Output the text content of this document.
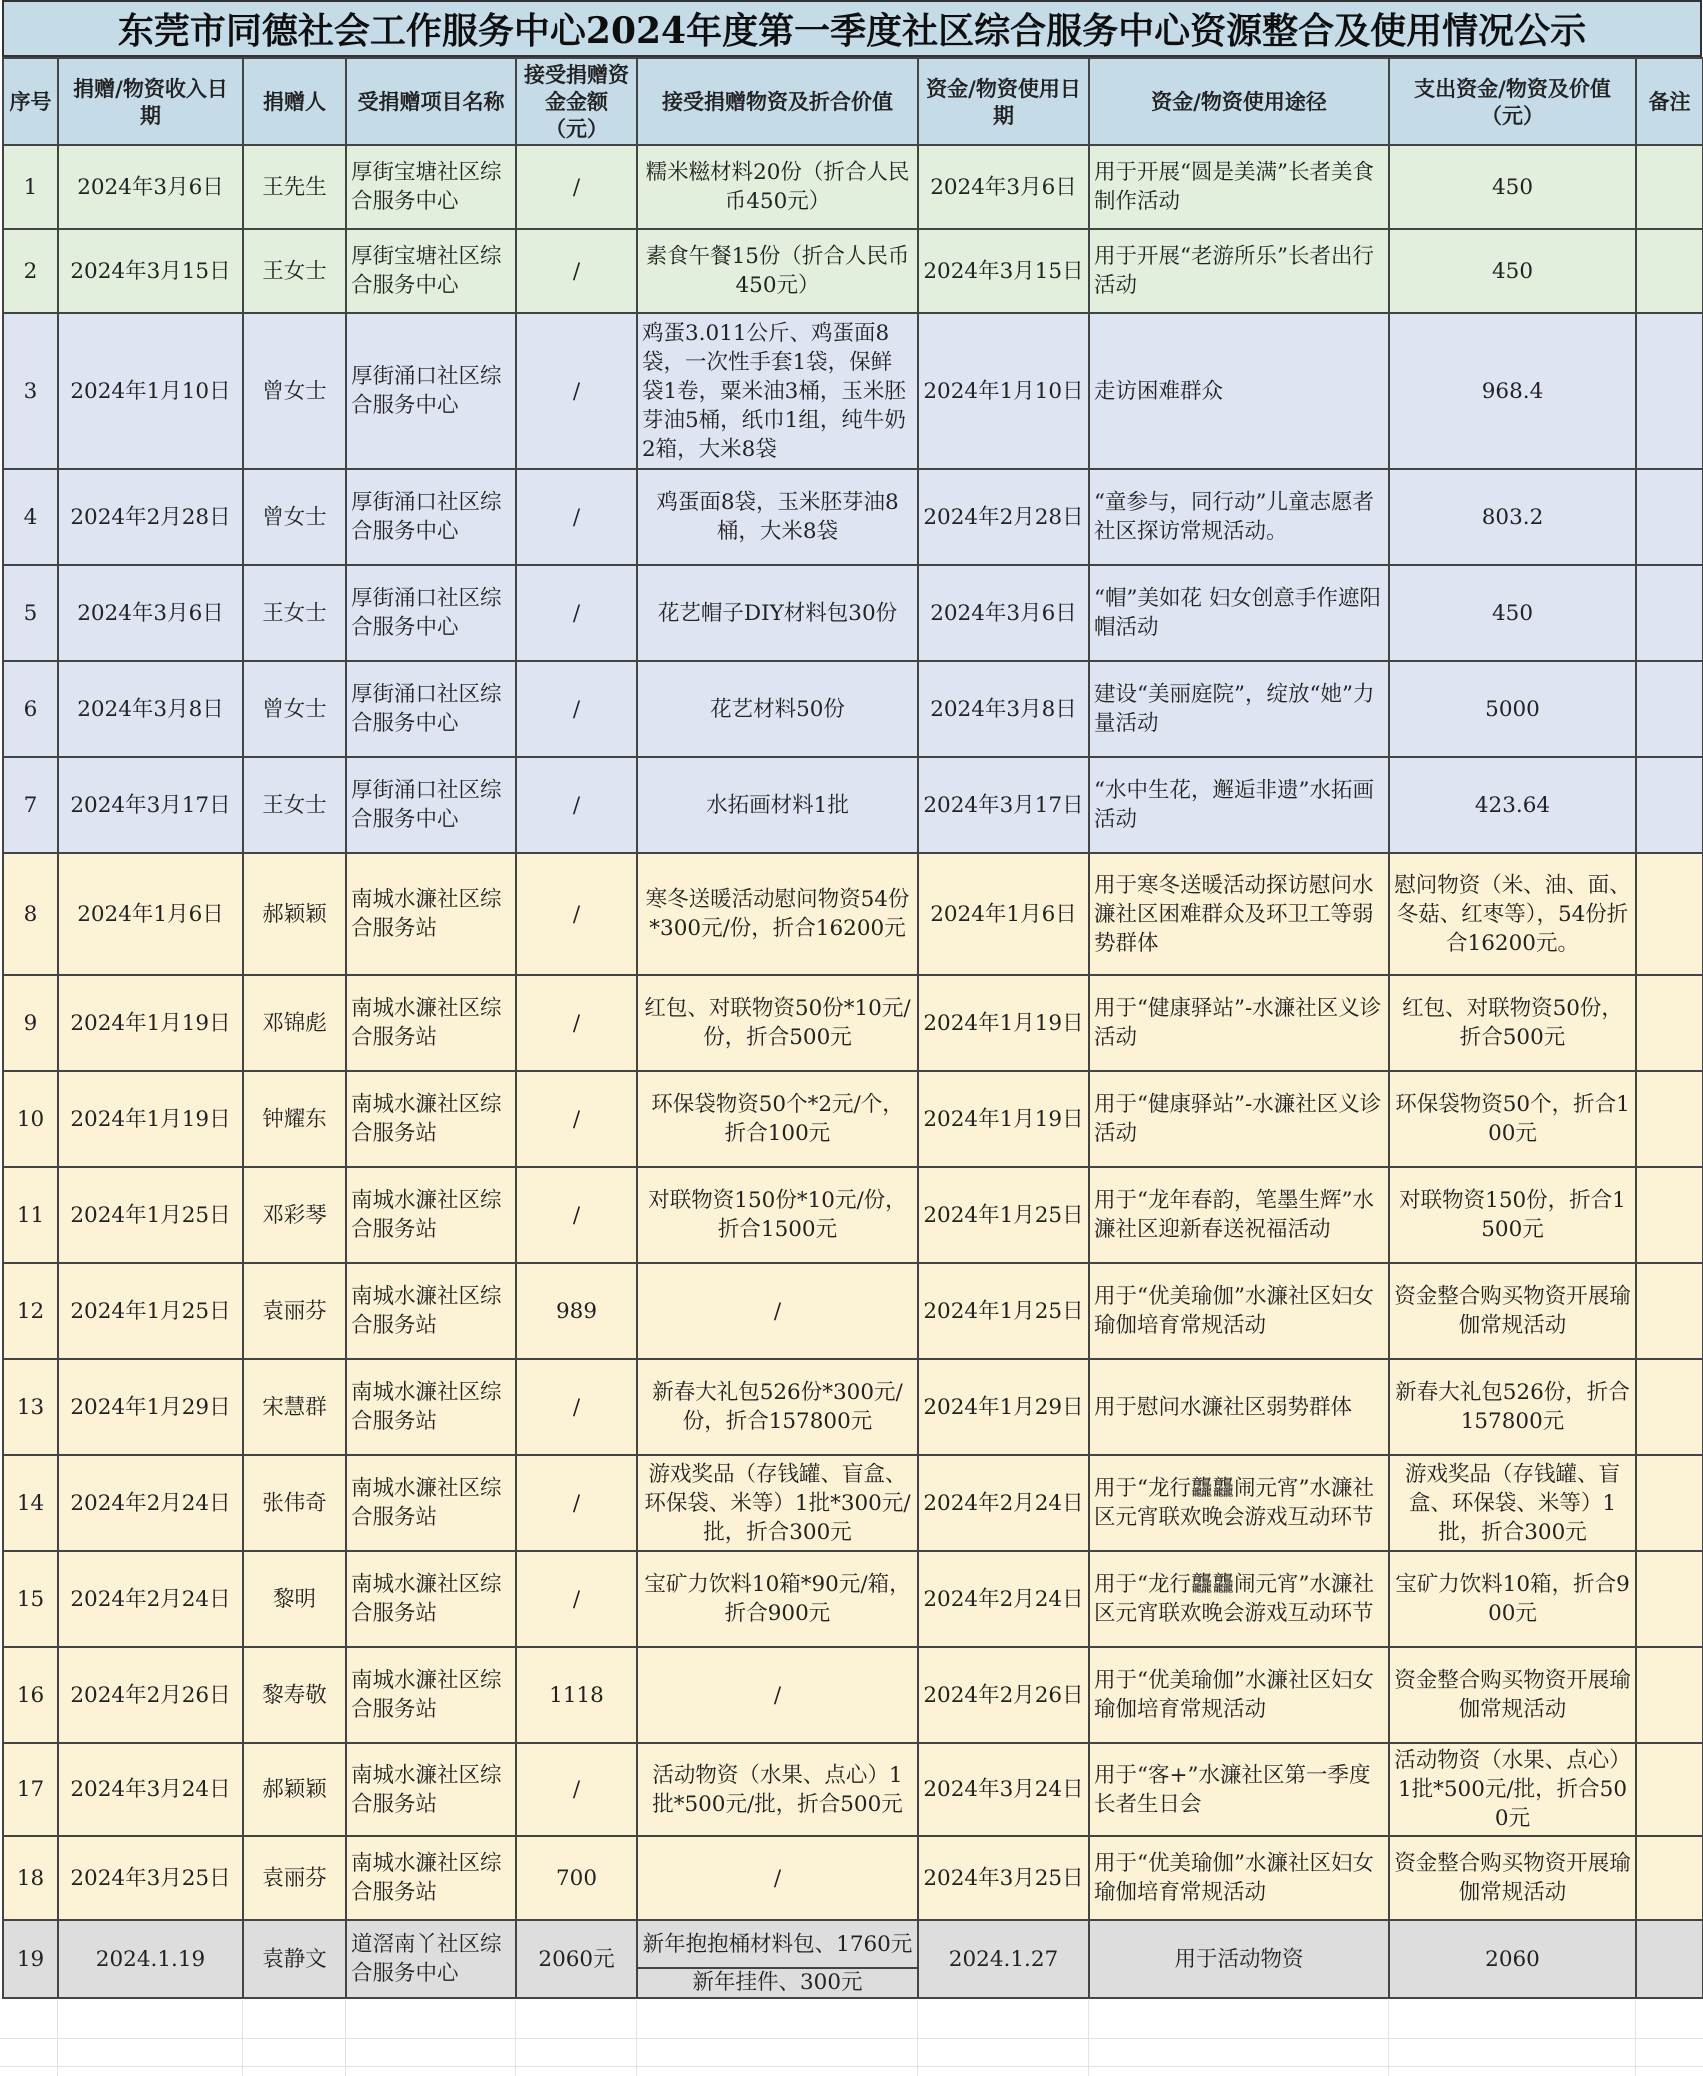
东莞市同德社会工作服务中心2024年度第一季度社区综合服务中心资源整合及使用情况公示
序号	捐赠/物资收入日期	捐赠人	受捐赠项目名称	接受捐赠资金金额（元）	接受捐赠物资及折合价值	资金/物资使用日期	资金/物资使用途径	支出资金/物资及价值（元）	备注
1	2024年3月6日	王先生	厚街宝塘社区综合服务中心	/	糯米糍材料20份（折合人民币450元）	2024年3月6日	用于开展“圆是美满”长者美食制作活动	450	
2	2024年3月15日	王女士	厚街宝塘社区综合服务中心	/	素食午餐15份（折合人民币450元）	2024年3月15日	用于开展“老游所乐”长者出行活动	450	
3	2024年1月10日	曾女士	厚街涌口社区综合服务中心	/	鸡蛋3.011公斤、鸡蛋面8袋，一次性手套1袋，保鲜袋1卷，粟米油3桶，玉米胚芽油5桶，纸巾1组，纯牛奶2箱，大米8袋	2024年1月10日	走访困难群众	968.4	
4	2024年2月28日	曾女士	厚街涌口社区综合服务中心	/	鸡蛋面8袋，玉米胚芽油8桶，大米8袋	2024年2月28日	“童参与，同行动”儿童志愿者社区探访常规活动。	803.2	
5	2024年3月6日	王女士	厚街涌口社区综合服务中心	/	花艺帽子DIY材料包30份	2024年3月6日	“帽”美如花 妇女创意手作遮阳帽活动	450	
6	2024年3月8日	曾女士	厚街涌口社区综合服务中心	/	花艺材料50份	2024年3月8日	建设“美丽庭院”，绽放“她”力量活动	5000	
7	2024年3月17日	王女士	厚街涌口社区综合服务中心	/	水拓画材料1批	2024年3月17日	“水中生花，邂逅非遗”水拓画活动	423.64	
8	2024年1月6日	郝颖颖	南城水濂社区综合服务站	/	寒冬送暖活动慰问物资54份*300元/份，折合16200元	2024年1月6日	用于寒冬送暖活动探访慰问水濂社区困难群众及环卫工等弱势群体	慰问物资（米、油、面、冬菇、红枣等），54份折合16200元。	
9	2024年1月19日	邓锦彪	南城水濂社区综合服务站	/	红包、对联物资50份*10元/份，折合500元	2024年1月19日	用于“健康驿站”-水濂社区义诊活动	红包、对联物资50份，折合500元	
10	2024年1月19日	钟耀东	南城水濂社区综合服务站	/	环保袋物资50个*2元/个，折合100元	2024年1月19日	用于“健康驿站”-水濂社区义诊活动	环保袋物资50个，折合100元	
11	2024年1月25日	邓彩琴	南城水濂社区综合服务站	/	对联物资150份*10元/份，折合1500元	2024年1月25日	用于“龙年春韵，笔墨生辉”水濂社区迎新春送祝福活动	对联物资150份，折合1500元	
12	2024年1月25日	袁丽芬	南城水濂社区综合服务站	989	/	2024年1月25日	用于“优美瑜伽”水濂社区妇女瑜伽培育常规活动	资金整合购买物资开展瑜伽常规活动	
13	2024年1月29日	宋慧群	南城水濂社区综合服务站	/	新春大礼包526份*300元/份，折合157800元	2024年1月29日	用于慰问水濂社区弱势群体	新春大礼包526份，折合157800元	
14	2024年2月24日	张伟奇	南城水濂社区综合服务站	/	游戏奖品（存钱罐、盲盒、环保袋、米等）1批*300元/批，折合300元	2024年2月24日	用于“龙行龘龘闹元宵”水濂社区元宵联欢晚会游戏互动环节	游戏奖品（存钱罐、盲盒、环保袋、米等）1批，折合300元	
15	2024年2月24日	黎明	南城水濂社区综合服务站	/	宝矿力饮料10箱*90元/箱，折合900元	2024年2月24日	用于“龙行龘龘闹元宵”水濂社区元宵联欢晚会游戏互动环节	宝矿力饮料10箱，折合900元	
16	2024年2月26日	黎寿敬	南城水濂社区综合服务站	1118	/	2024年2月26日	用于“优美瑜伽”水濂社区妇女瑜伽培育常规活动	资金整合购买物资开展瑜伽常规活动	
17	2024年3月24日	郝颖颖	南城水濂社区综合服务站	/	活动物资（水果、点心）1批*500元/批，折合500元	2024年3月24日	用于“客+”水濂社区第一季度长者生日会	活动物资（水果、点心）1批*500元/批，折合500元	
18	2024年3月25日	袁丽芬	南城水濂社区综合服务站	700	/	2024年3月25日	用于“优美瑜伽”水濂社区妇女瑜伽培育常规活动	资金整合购买物资开展瑜伽常规活动	
19	2024.1.19	袁静文	道滘南丫社区综合服务中心	2060元	新年抱抱桶材料包、1760元	2024.1.27	用于活动物资	2060	
					新年挂件、300元				
